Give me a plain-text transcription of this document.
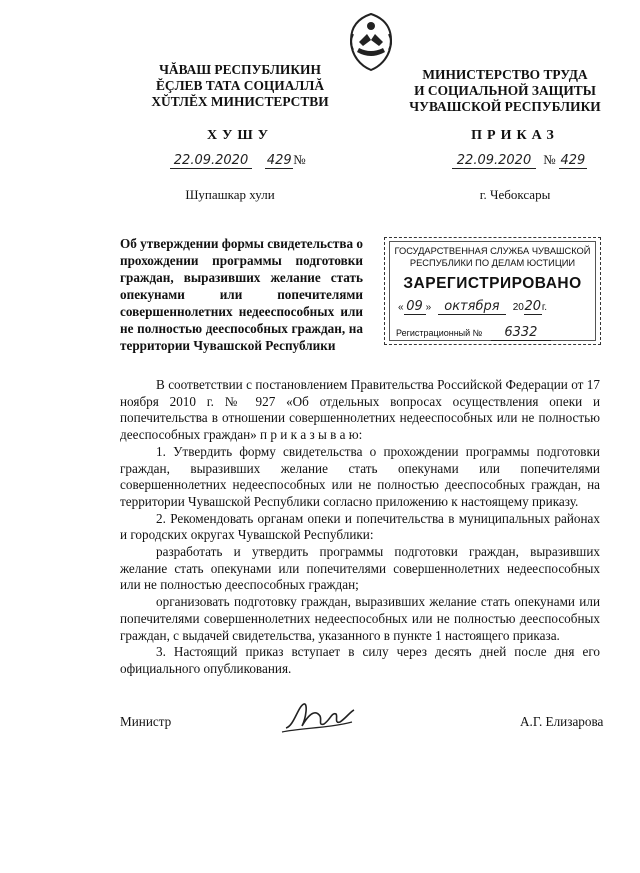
ЧĂВАШ РЕСПУБЛИКИН
ĔÇЛЕВ ТАТА СОЦИАЛЛĂ
ХŬТЛĔХ МИНИСТЕРСТВИ
МИНИСТЕРСТВО ТРУДА
И СОЦИАЛЬНОЙ ЗАЩИТЫ
ЧУВАШСКОЙ РЕСПУБЛИКИ
ХУШУ	ПРИКАЗ
22.09.2020 429 №	22.09.2020 № 429
Шупашкар хули	г. Чебоксары
Об утверждении формы свидетельства о прохождении программы подготовки граждан, выразивших желание стать опекунами или попечителями совершеннолетних недееспособных или не полностью дееспособных граждан, на территории Чувашской Республики
ГОСУДАРСТВЕННАЯ СЛУЖБА ЧУВАШСКОЙ
РЕСПУБЛИКИ ПО ДЕЛАМ ЮСТИЦИИ
ЗАРЕГИСТРИРОВАНО
« 09 » октября 2020г.
Регистрационный № 6332

В соответствии с постановлением Правительства Российской Федерации от 17 ноября 2010 г. № 927 «Об отдельных вопросах осуществления опеки и попечительства в отношении совершеннолетних недееспособных или не полностью дееспособных граждан» п р и к а з ы в а ю:

1. Утвердить форму свидетельства о прохождении программы подготовки граждан, выразивших желание стать опекунами или попечителями совершеннолетних недееспособных или не полностью дееспособных граждан, на территории Чувашской Республики согласно приложению к настоящему приказу.

2. Рекомендовать органам опеки и попечительства в муниципальных районах и городских округах Чувашской Республики:

разработать и утвердить программы подготовки граждан, выразивших желание стать опекунами или попечителями совершеннолетних недееспособных или не полностью дееспособных граждан;

организовать подготовку граждан, выразивших желание стать опекунами или попечителями совершеннолетних недееспособных или не полностью дееспособных граждан, с выдачей свидетельства, указанного в пункте 1 настоящего приказа.

3. Настоящий приказ вступает в силу через десять дней после дня его официального опубликования.

Министр	А.Г. Елизарова
